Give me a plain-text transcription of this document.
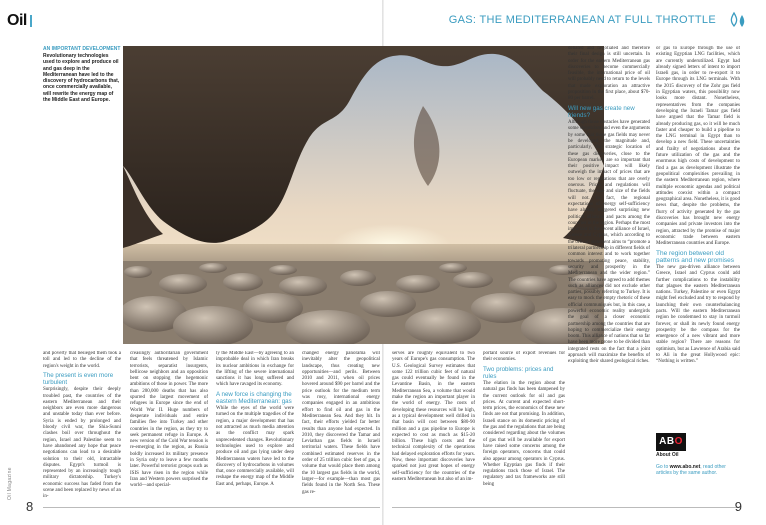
Oil	GAS: THE MEDITERRANEAN AT FULL THROTTLE
AN IMPORTANT DEVELOPMENT
Revolutionary technologies used to explore and produce oil and gas deep in the Mediterranean have led to the discovery of hydrocarbons that, once commercially available, will rewrite the energy map of the Middle East and Europe.

and poverty that besieged them took a toll and led to the decline of the region's weight in the world.

The present is even more turbulent

Surprisingly, despite their deeply troubled past, the countries of the eastern Mediterranean and their neighbors are even more dangerous and unstable today than ever before. Syria is ended by prolonged and bloody civil war, the Shia-Sunni clashes boil over throughout the region, Israel and Palestine seem to have abandoned any hope that peace negotiations can lead to a desirable solution to their old, intractable disputes. Egypt's turmoil is represented by an increasingly tough military dictatorship. Turkey's economic success has faded from the scene and been replaced by news of an in-

creasingly authoritarian government that feels threatened by Islamic terrorists, separatist insurgents, bellicose neighbors and an opposition bent on stopping the hegemonic ambitions of those in power. The more than 200,000 deaths that has also spurred the largest movement of refugees in Europe since the end of World War II. Huge numbers of desperate individuals and entire families flee into Turkey and other countries in the region, as they try to seek permanent refuge in Europe. A new version of the Cold War tension is re-emerging in the region, as Russia boldly increased its military presence in Syria only to leave a few months later. Powerful terrorist groups such as ISIS have risen in the region while Iran and Western powers surprised the world—and special-

ly the Middle East—by agreeing to an improbable deal in which Iran breaks its nuclear ambitions in exchange for the lifting of the severe international sanctions it has long suffered and which have ravaged its economy.

A new force is changing the eastern Mediterranean: gas

While the eyes of the world were turned on the multiple tragedies of the region, a major development that has not attracted as much media attention as the conflict may spark unprecedented changes. Revolutionary technologies used to explore and produce oil and gas lying under deep Mediterranean waters have led to the discovery of hydrocarbons in volumes that, once commercially available, will reshape the energy map of the Middle East and, perhaps, Europe. A

changed energy panorama will inevitably alter the geopolitical landscape, thus creating new opportunities—and perils. Between 2010 and 2011, when oil prices hovered around $90 per barrel and the price outlook for the medium term was rosy, international energy companies engaged in an ambitious effort to find oil and gas in the Mediterranean Sea. And they hit. In fact, their efforts yielded far better results than anyone had expected. In 2010, they discovered the Tamar and Leviathan gas fields in Israeli territorial waters. These fields have combined estimated reserves in the order of 25 trillion cubic feet of gas, a volume that would place them among the 10 largest gas fields in the world, larger—for example—than most gas fields found in the North Sea. These gas re-

serves are roughly equivalent to two years of Europe's gas consumption. The U.S. Geological Survey estimates that some 122 trillion cubic feet of natural gas could eventually be found in the Levantine Basin, in the eastern Mediterranean Sea, a volume that would make the region an important player in the world of energy. The costs of developing these resources will be high, as a typical development well drilled in that basin will cost between $80-90 million and a gas pipeline to Europe is expected to cost as much as $15-20 billion. These high costs and the technical complexity of the operations had delayed exploration efforts for years. Now, these important discoveries have sparked not just great hopes of energy self-sufficiency for the countries of the eastern Mediterranean but also of an im-

portant source of export revenues for their economies.

Two problems: prices and rules

The elation in the region about the natural gas finds has been dampened by the current outlook for oil and gas prices. At current and expected short-term prices, the economics of these new finds are not that promising. In addition, Israeli stance on its domestic pricing of the gas and the regulations that are being considered regarding about the volumes of gas that will be available for export have raised some concerns among the foreign operators, concerns that could also appear among operators in Cyprus. Whether Egyptian gas finds if their regulations track those of Israel. The regulatory and tax frameworks are still being

debated and negotiated and therefore their final design is still uncertain. In order for the eastern Mediterranean gas discoveries to become commercially feasible, the international price of oil will probably need to return to the levels that made exploration an attractive proposition in the first place, about $70-80 per barrel.

Will new gas create new friends?

Although those obstacles have generated some skepticism and even the arguments by some that those gas fields may never be developed, the magnitude and, particularly, the strategic location of these gas discoveries, close to the European market, are so important that their positive impact will likely outweigh the impact of prices that are too low or regulations that are overly onerous. Prices and regulations will fluctuate, the size and size of the fields will not. In fact, the regional expectations of energy self-sufficiency have already triggered surprising new political alliances and pacts among the countries in the region. Perhaps the most important is the recent alliance of Israel, Greece and Cyprus, which according to the official statement aims to “promote a trilateral partnership in different fields of common interest and to work together towards promoting peace, stability, security and prosperity in the Mediterranean and the wider region.” The countries have agreed to add themes such as alliances did not exclude other parties, possibly referring to Turkey. It is easy to mock the empty rhetoric of these official communiqués but, in this case, a powerful economic reality undergirds the goal of a closer economic partnership among the countries that are hoping to commercialize their energy boom. This alliance of nations that so far have been more prone to be divided than integrated rests on the fact that a joint approach will maximize the benefits of exploiting their shared geological riches.

or gas to Europe through the use of existing Egyptian LNG facilities, which are currently underutilized. Egypt had already signed letters of intent to import Israeli gas, in order to re-export it to Europe through its LNG terminals. With the 2015 discovery of the Zohr gas field in Egyptian waters, this possibility now looks more distant. Nonetheless, representatives from the companies developing the Israeli Tamar gas field have argued that the Tamar field is already producing gas, so it will be much faster and cheaper to build a pipeline to the LNG terminal in Egypt than to develop a new field. These uncertainties and frailty of negotiations about the future utilization of the gas and the enormous high costs of development to find a gas as development illustrate the geopolitical complexities prevailing in the eastern Mediterranean region, where multiple economic agendas and political attitudes coexist within a compact geographical area. Nonetheless, it is good news that, despite the problems, the flurry of activity generated by the gas discoveries has brought new energy companies and private investors into the region, attracted by the promise of major economic trade between eastern Mediterranean countries and Europe.

The region between old patterns and new promises

The new gas-driven alliance between Greece, Israel and Cyprus could add further complications to the instability that plagues the eastern Mediterranean nations. Turkey, Palestine or even Egypt might feel excluded and try to respond by launching their own counterbalancing pacts. Will the eastern Mediterranean region be condemned to stay in turmoil forever, or shall its newly found energy prosperity be the compass for the emergence of a new vibrant and more stable region? There are reasons for optimism, but as Lawrence of Arabia said to Ali in the great Hollywood epic: “Nothing is written.”

ABO
About Oil
Go to www.abo.net, read other articles by the same author.
Oil Magazine
8	9
